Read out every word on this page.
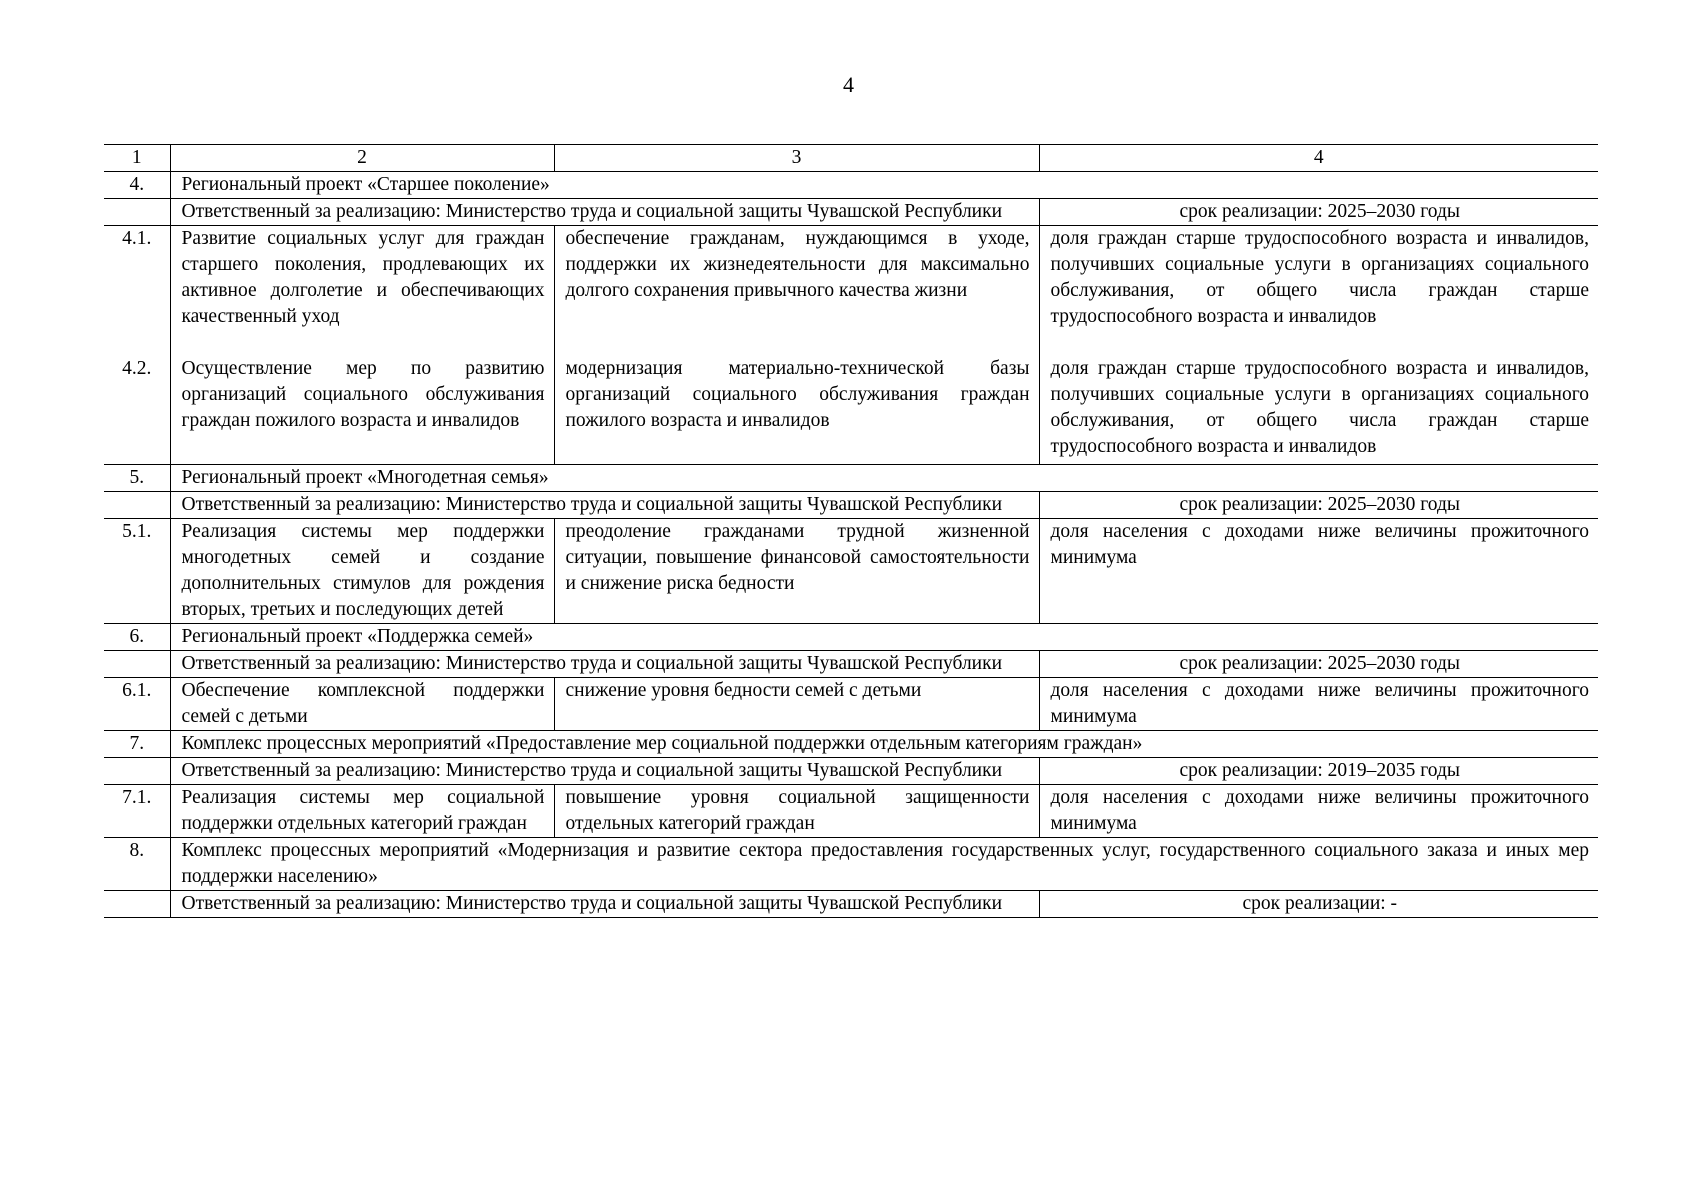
4
1	2	3	4
4.	Региональный проект «Старшее поколение»		
	Ответственный за реализацию: Министерство труда и социальной защиты Чувашской Республики		срок реализации: 2025–2030 годы
4.1.	Развитие социальных услуг для граждан старшего поколения, продлевающих их активное долголетие и обеспечивающих качественный уход	обеспечение гражданам, нуждающимся в уходе, поддержки их жизнедеятельности для максимально долгого сохранения привычного качества жизни	доля граждан старше трудоспособного возраста и инвалидов, получивших социальные услуги в организациях социального обслуживания, от общего числа граждан старше трудоспособного возраста и инвалидов
4.2.	Осуществление мер по развитию организаций социального обслуживания граждан пожилого возраста и инвалидов	модернизация материально-технической базы организаций социального обслуживания граждан пожилого возраста и инвалидов	доля граждан старше трудоспособного возраста и инвалидов, получивших социальные услуги в организациях социального обслуживания, от общего числа граждан старше трудоспособного возраста и инвалидов
5.	Региональный проект «Многодетная семья»		
	Ответственный за реализацию: Министерство труда и социальной защиты Чувашской Республики		срок реализации: 2025–2030 годы
5.1.	Реализация системы мер поддержки многодетных семей и создание дополнительных стимулов для рождения вторых, третьих и последующих детей	преодоление гражданами трудной жизненной ситуации, повышение финансовой самостоятельности и снижение риска бедности	доля населения с доходами ниже величины прожиточного минимума
6.	Региональный проект «Поддержка семей»		
	Ответственный за реализацию: Министерство труда и социальной защиты Чувашской Республики		срок реализации: 2025–2030 годы
6.1.	Обеспечение комплексной поддержки семей с детьми	снижение уровня бедности семей с детьми	доля населения с доходами ниже величины прожиточного минимума
7.	Комплекс процессных мероприятий «Предоставление мер социальной поддержки отдельным категориям граждан»		
	Ответственный за реализацию: Министерство труда и социальной защиты Чувашской Республики		срок реализации: 2019–2035 годы
7.1.	Реализация системы мер социальной поддержки отдельных категорий граждан	повышение уровня социальной защищенности отдельных категорий граждан	доля населения с доходами ниже величины прожиточного минимума
8.	Комплекс процессных мероприятий «Модернизация и развитие сектора предоставления государственных услуг, государственного социального заказа и иных мер поддержки населению»		
	Ответственный за реализацию: Министерство труда и социальной защиты Чувашской Республики		срок реализации: -
